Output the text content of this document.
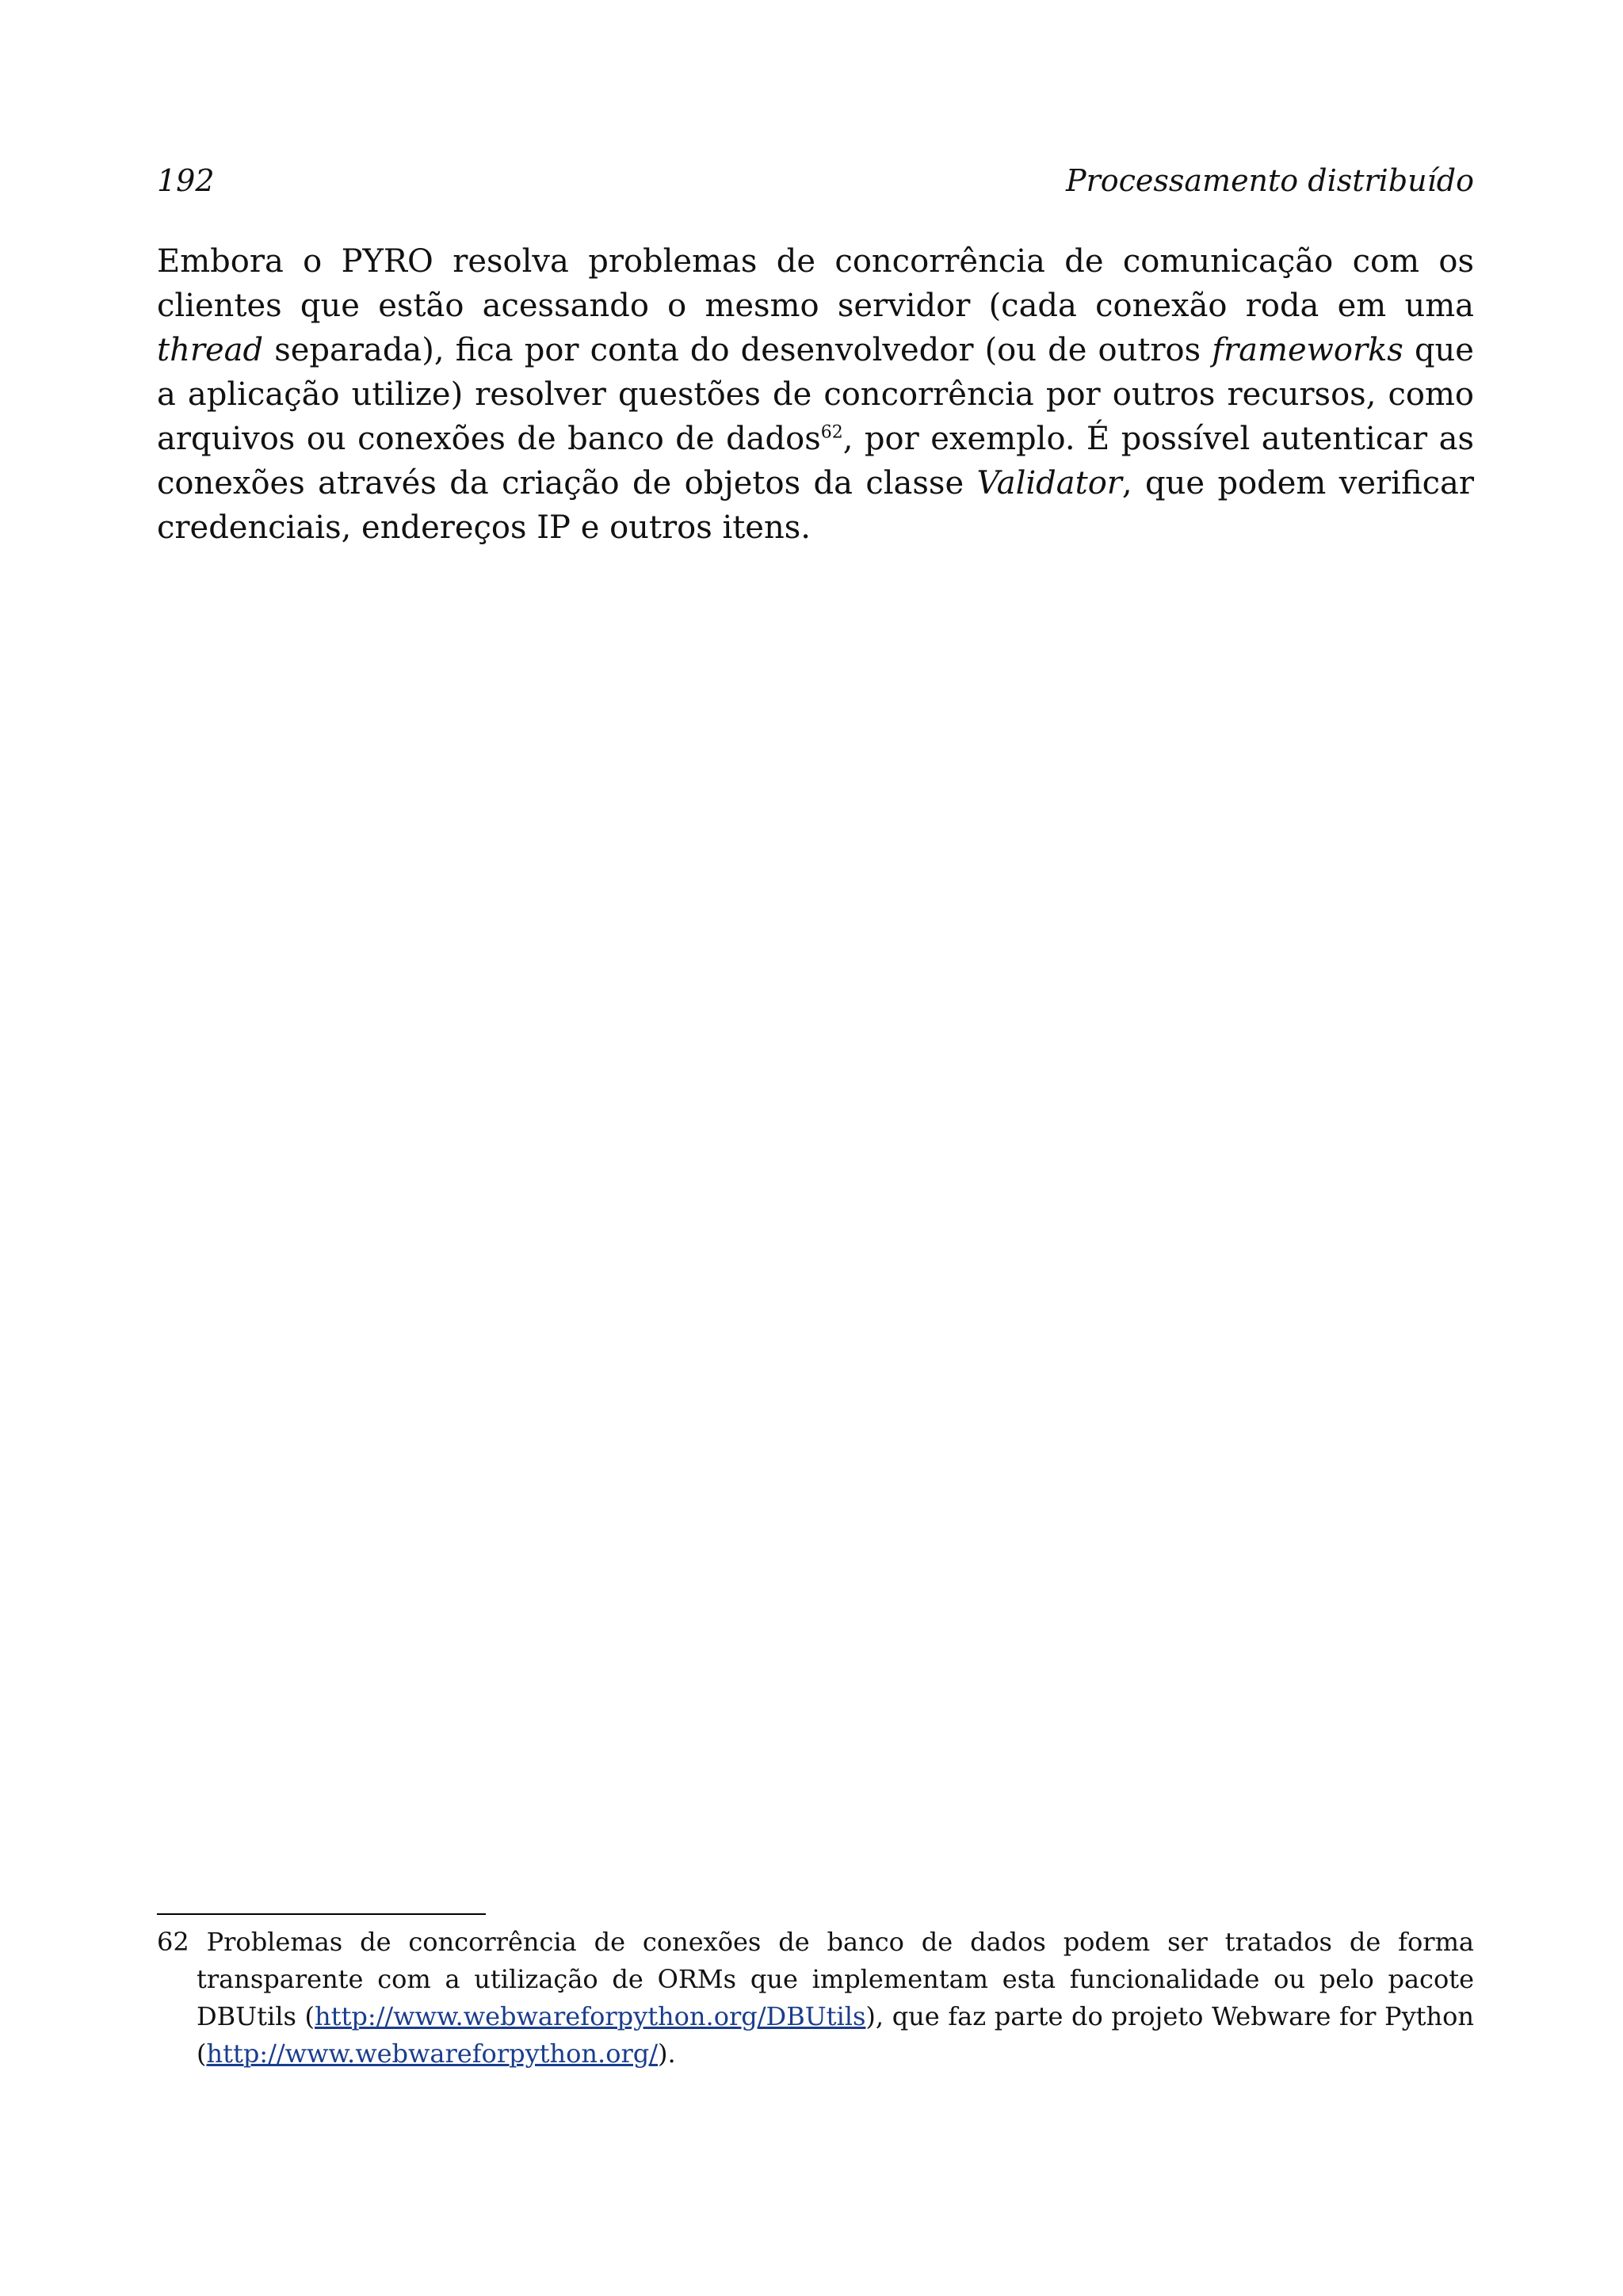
192	Processamento distribuído

Embora o PYRO resolva problemas de concorrência de comunicação com os clientes que estão acessando o mesmo servidor (cada conexão roda em uma thread separada), fica por conta do desenvolvedor (ou de outros frameworks que a aplicação utilize) resolver questões de concorrência por outros recursos, como arquivos ou conexões de banco de dados$^{62}$, por exemplo. É possível autenticar as conexões através da criação de objetos da classe Validator, que podem verificar credenciais, endereços IP e outros itens.

62 Problemas de concorrência de conexões de banco de dados podem ser tratados de forma transparente com a utilização de ORMs que implementam esta funcionalidade ou pelo pacote DBUtils (http://www.webwareforpython.org/DBUtils), que faz parte do projeto Webware for Python (http://www.webwareforpython.org/).
